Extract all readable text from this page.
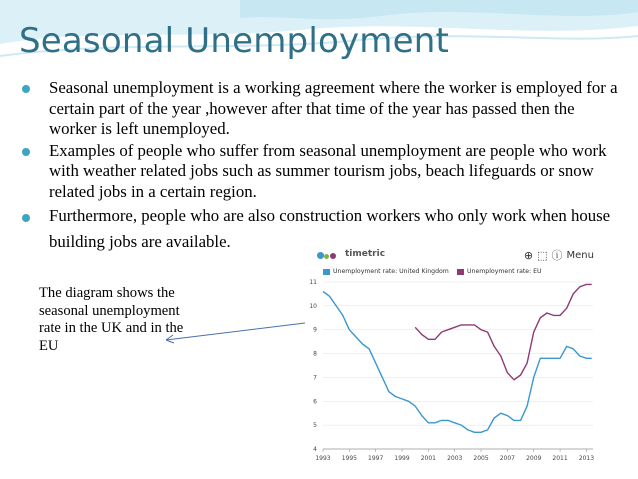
Seasonal Unemployment
Seasonal unemployment is a working agreement where the worker is employed for a certain part of the year ,however after that time of the year has passed then the worker is left unemployed.
Examples of people who suffer from seasonal unemployment are people who work with weather related jobs such as summer tourism jobs, beach lifeguards or snow related jobs in a certain region.
Furthermore, people who are also construction workers who only work when house building jobs are available.
The diagram shows the seasonal unemployment rate in the UK and in the EU
timetric	⊕ ⬚ ⓘ Menu
Unemployment rate: United Kingdom	Unemployment rate: EU
4
5
6
7
8
9
10
11
1993 1995 1997 1999 2001 2003 2005 2007 2009 2011 2013
